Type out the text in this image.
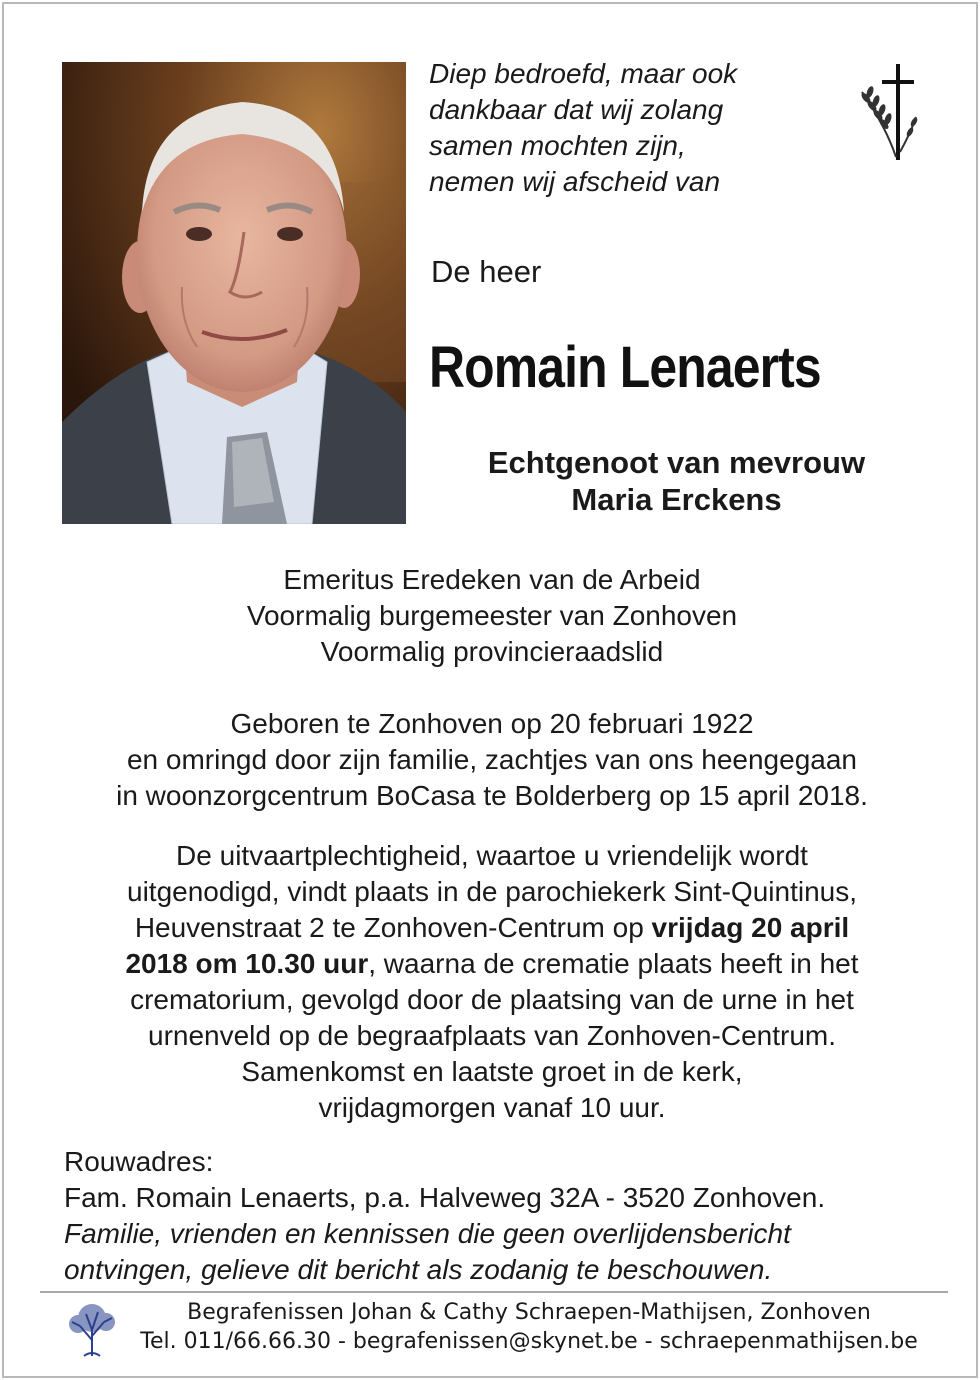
Diep bedroefd, maar ook
dankbaar dat wij zolang
samen mochten zijn,
nemen wij afscheid van
De heer
Romain Lenaerts
Echtgenoot van mevrouw
Maria Erckens
Emeritus Eredeken van de Arbeid
Voormalig burgemeester van Zonhoven
Voormalig provincieraadslid
Geboren te Zonhoven op 20 februari 1922
en omringd door zijn familie, zachtjes van ons heengegaan
in woonzorgcentrum BoCasa te Bolderberg op 15 april 2018.
De uitvaartplechtigheid, waartoe u vriendelijk wordt
uitgenodigd, vindt plaats in de parochiekerk Sint-Quintinus,
Heuvenstraat 2 te Zonhoven-Centrum op vrijdag 20 april
2018 om 10.30 uur, waarna de crematie plaats heeft in het
crematorium, gevolgd door de plaatsing van de urne in het
urnenveld op de begraafplaats van Zonhoven-Centrum.
Samenkomst en laatste groet in de kerk,
vrijdagmorgen vanaf 10 uur.
Rouwadres:
Fam. Romain Lenaerts, p.a. Halveweg 32A - 3520 Zonhoven.
Familie, vrienden en kennissen die geen overlijdensbericht
ontvingen, gelieve dit bericht als zodanig te beschouwen.
Begrafenissen Johan & Cathy Schraepen-Mathijsen, Zonhoven
Tel. 011/66.66.30 - begrafenissen@skynet.be - schraepenmathijsen.be
